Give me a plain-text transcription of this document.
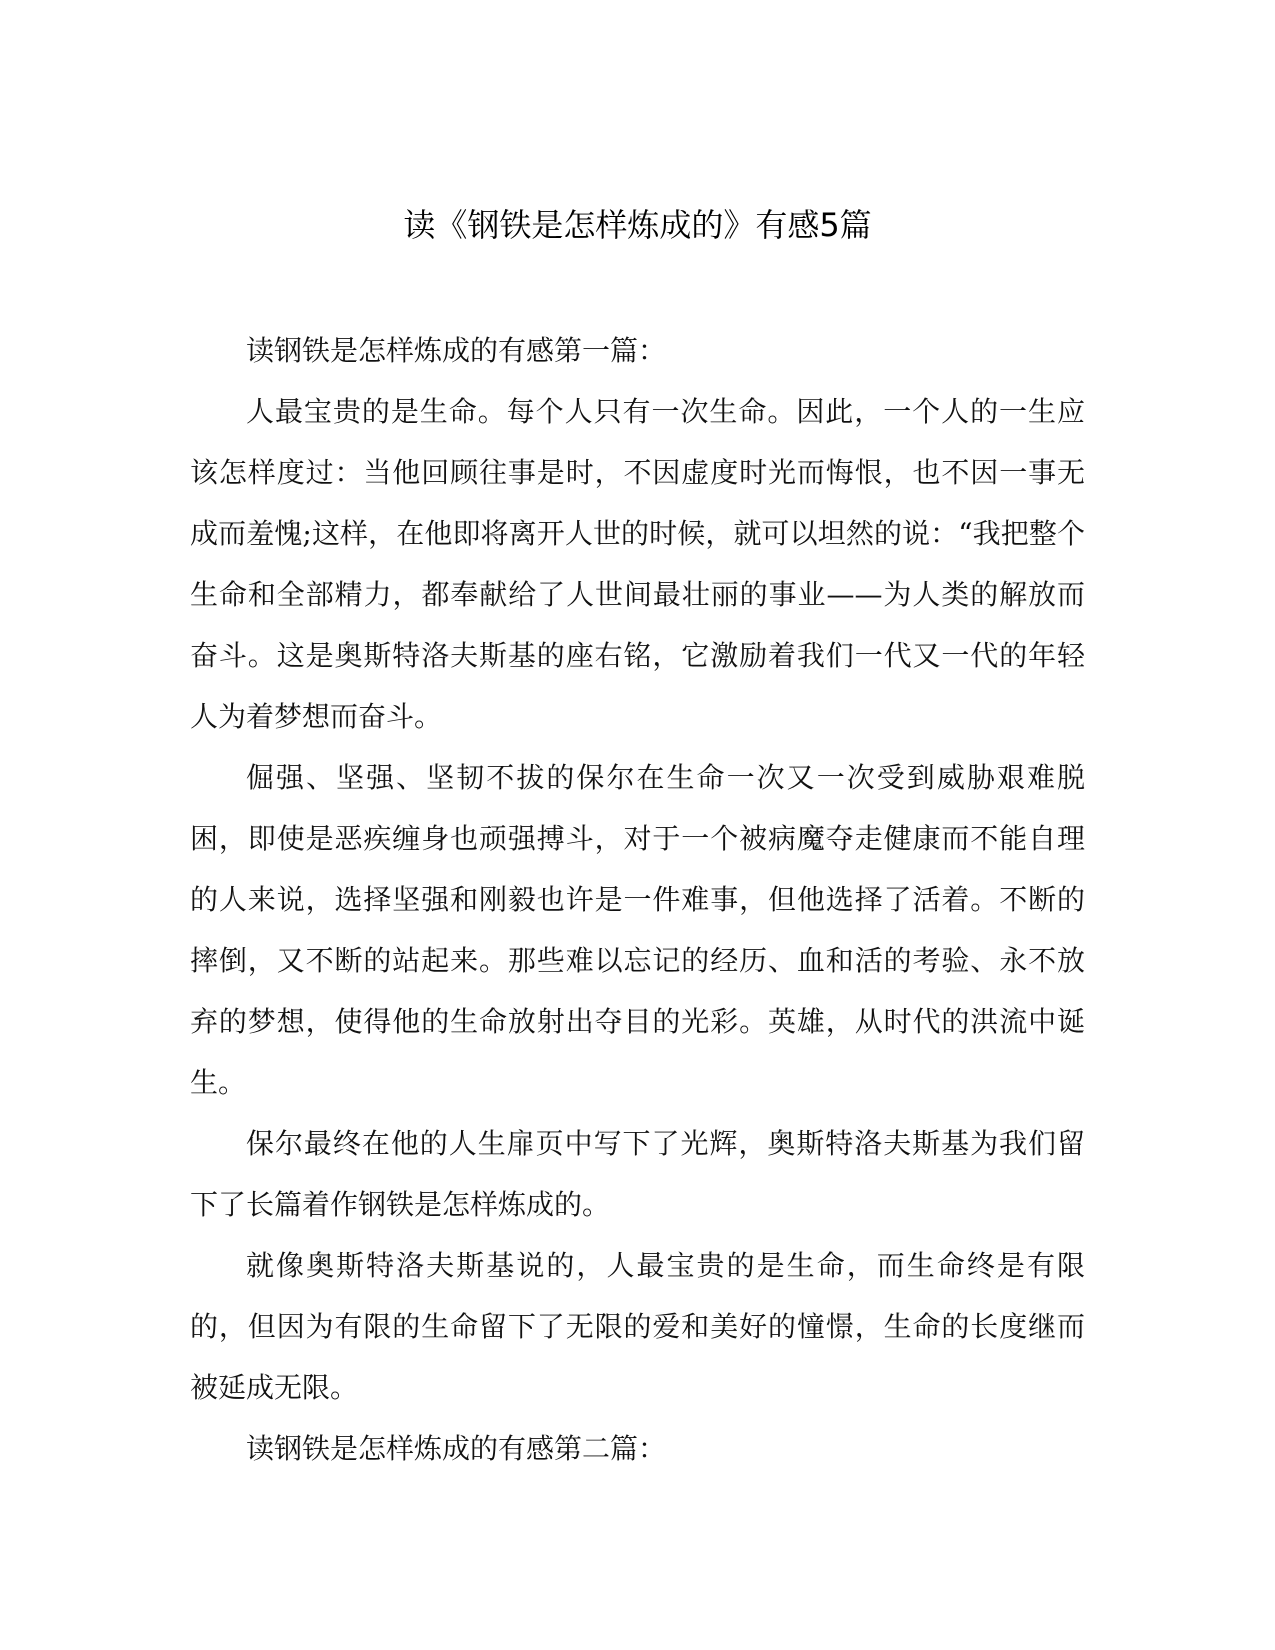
读《钢铁是怎样炼成的》有感5篇

读钢铁是怎样炼成的有感第一篇：

人最宝贵的是生命。每个人只有一次生命。因此，一个人的一生应该怎样度过：当他回顾往事是时，不因虚度时光而悔恨，也不因一事无成而羞愧;这样，在他即将离开人世的时候，就可以坦然的说：“我把整个生命和全部精力，都奉献给了人世间最壮丽的事业——为人类的解放而奋斗。这是奥斯特洛夫斯基的座右铭，它激励着我们一代又一代的年轻人为着梦想而奋斗。

倔强、坚强、坚韧不拔的保尔在生命一次又一次受到威胁艰难脱困，即使是恶疾缠身也顽强搏斗，对于一个被病魔夺走健康而不能自理的人来说，选择坚强和刚毅也许是一件难事，但他选择了活着。不断的摔倒，又不断的站起来。那些难以忘记的经历、血和活的考验、永不放弃的梦想，使得他的生命放射出夺目的光彩。英雄，从时代的洪流中诞生。

保尔最终在他的人生扉页中写下了光辉，奥斯特洛夫斯基为我们留下了长篇着作钢铁是怎样炼成的。

就像奥斯特洛夫斯基说的，人最宝贵的是生命，而生命终是有限的，但因为有限的生命留下了无限的爱和美好的憧憬，生命的长度继而被延成无限。

读钢铁是怎样炼成的有感第二篇：
